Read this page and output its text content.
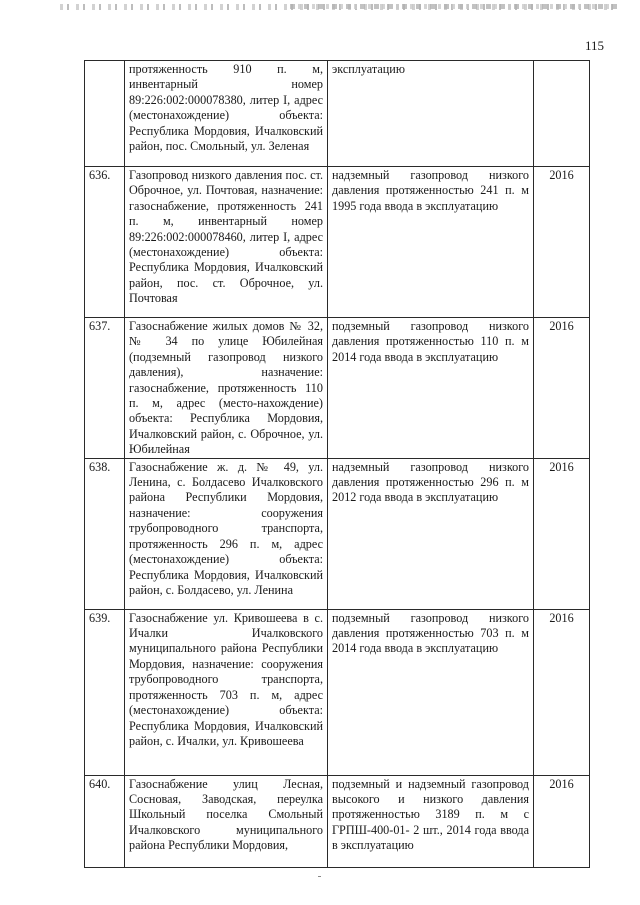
115
	протяженность 910 п. м, инвентарный номер 89:226:002:000078380, литер I, адрес (местонахождение) объекта: Республика Мордовия, Ичалковский район, пос. Смольный, ул. Зеленая	эксплуатацию	
636.	Газопровод низкого давления пос. ст. Оброчное, ул. Почтовая, назначение: газоснабжение, протяженность 241 п. м, инвентарный номер 89:226:002:000078460, литер I, адрес (местонахождение) объекта: Республика Мордовия, Ичалковский район, пос. ст. Оброчное, ул. Почтовая	надземный газопровод низкого давления протяженностью 241 п. м 1995 года ввода в эксплуатацию	2016
637.	Газоснабжение жилых домов № 32, № 34 по улице Юбилейная (подземный газопровод низкого давления), назначение: газоснабжение, протяженность 110 п. м, адрес (место-нахождение) объекта: Республика Мордовия, Ичалковский район, с. Оброчное, ул. Юбилейная	подземный газопровод низкого давления протяженностью 110 п. м 2014 года ввода в эксплуатацию	2016
638.	Газоснабжение ж. д. № 49, ул. Ленина, с. Болдасево Ичалковского района Республики Мордовия, назначение: сооружения трубопроводного транспорта, протяженность 296 п. м, адрес (местонахождение) объекта: Республика Мордовия, Ичалковский район, с. Болдасево, ул. Ленина	надземный газопровод низкого давления протяженностью 296 п. м 2012 года ввода в эксплуатацию	2016
639.	Газоснабжение ул. Кривошеева в с. Ичалки Ичалковского муниципального района Республики Мордовия, назначение: сооружения трубопроводного транспорта, протяженность 703 п. м, адрес (местонахождение) объекта: Республика Мордовия, Ичалковский район, с. Ичалки, ул. Кривошеева	подземный газопровод низкого давления протяженностью 703 п. м 2014 года ввода в эксплуатацию	2016
640.	Газоснабжение улиц Лесная, Сосновая, Заводская, переулка Школьный поселка Смольный Ичалковского муниципального района Республики Мордовия,	подземный и надземный газопровод высокого и низкого давления протяженностью 3189 п. м с ГРПШ-400-01- 2 шт., 2014 года ввода в эксплуатацию	2016
